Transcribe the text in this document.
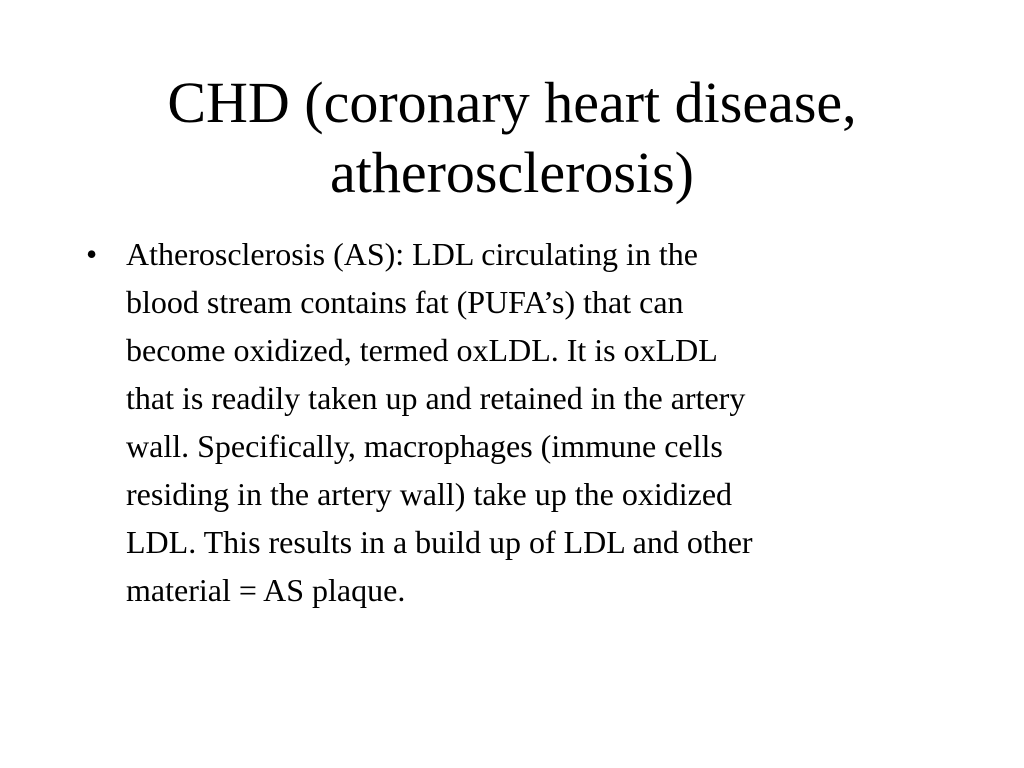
CHD (coronary heart disease,
atherosclerosis)
• Atherosclerosis (AS): LDL circulating in the
blood stream contains fat (PUFA’s) that can
become oxidized, termed oxLDL. It is oxLDL
that is readily taken up and retained in the artery
wall. Specifically, macrophages (immune cells
residing in the artery wall) take up the oxidized
LDL. This results in a build up of LDL and other
material = AS plaque.
